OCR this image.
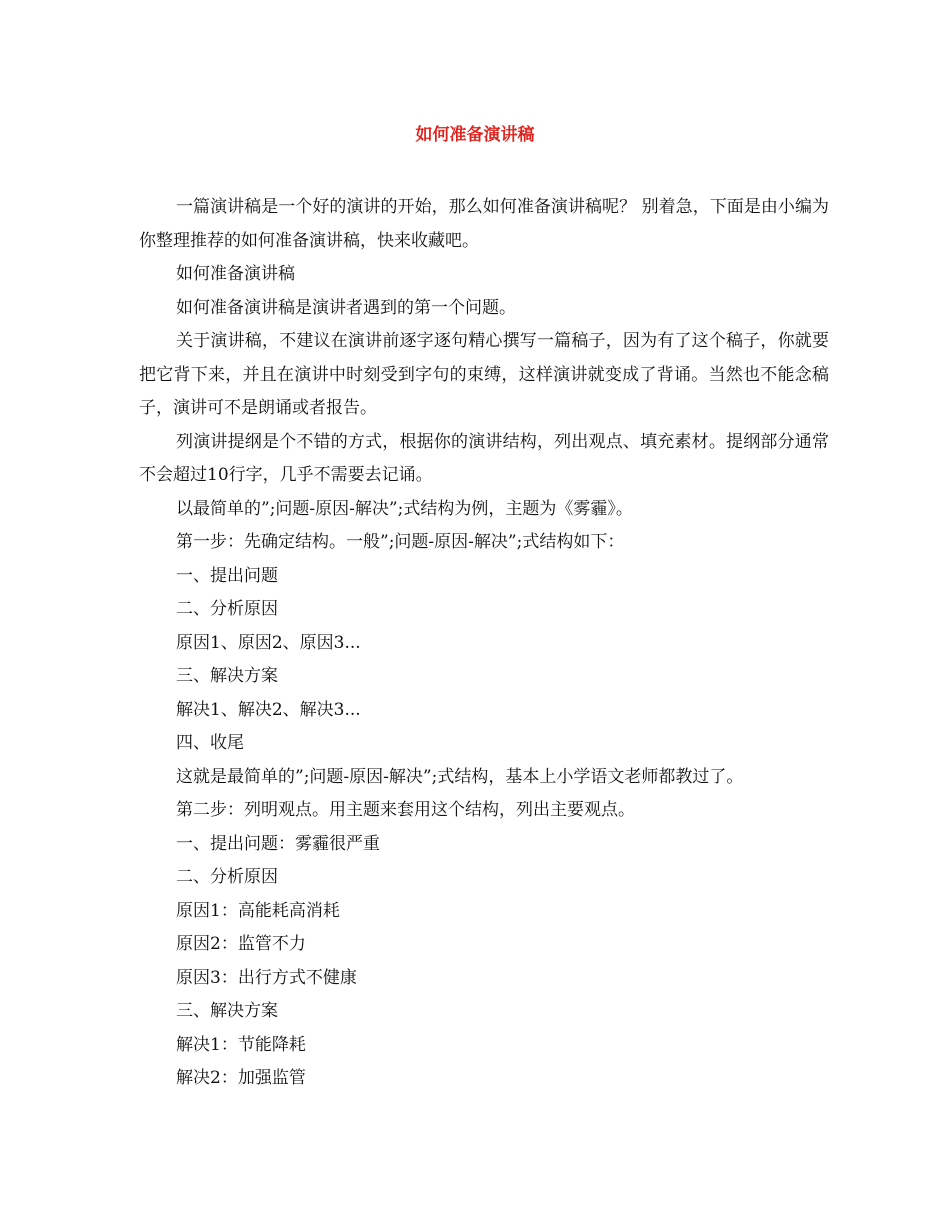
如何准备演讲稿

一篇演讲稿是一个好的演讲的开始，那么如何准备演讲稿呢？ 别着急，下面是由小编为你整理推荐的如何准备演讲稿，快来收藏吧。

如何准备演讲稿

如何准备演讲稿是演讲者遇到的第一个问题。

关于演讲稿，不建议在演讲前逐字逐句精心撰写一篇稿子，因为有了这个稿子，你就要把它背下来，并且在演讲中时刻受到字句的束缚，这样演讲就变成了背诵。当然也不能念稿子，演讲可不是朗诵或者报告。

列演讲提纲是个不错的方式，根据你的演讲结构，列出观点、填充素材。提纲部分通常不会超过10行字，几乎不需要去记诵。

以最简单的”;问题-原因-解决”;式结构为例，主题为《雾霾》。

第一步：先确定结构。一般”;问题-原因-解决”;式结构如下：

一、提出问题

二、分析原因

原因1、原因2、原因3...

三、解决方案

解决1、解决2、解决3...

四、收尾

这就是最简单的”;问题-原因-解决”;式结构，基本上小学语文老师都教过了。

第二步：列明观点。用主题来套用这个结构，列出主要观点。

一、提出问题：雾霾很严重

二、分析原因

原因1：高能耗高消耗

原因2：监管不力

原因3：出行方式不健康

三、解决方案

解决1：节能降耗

解决2：加强监管
